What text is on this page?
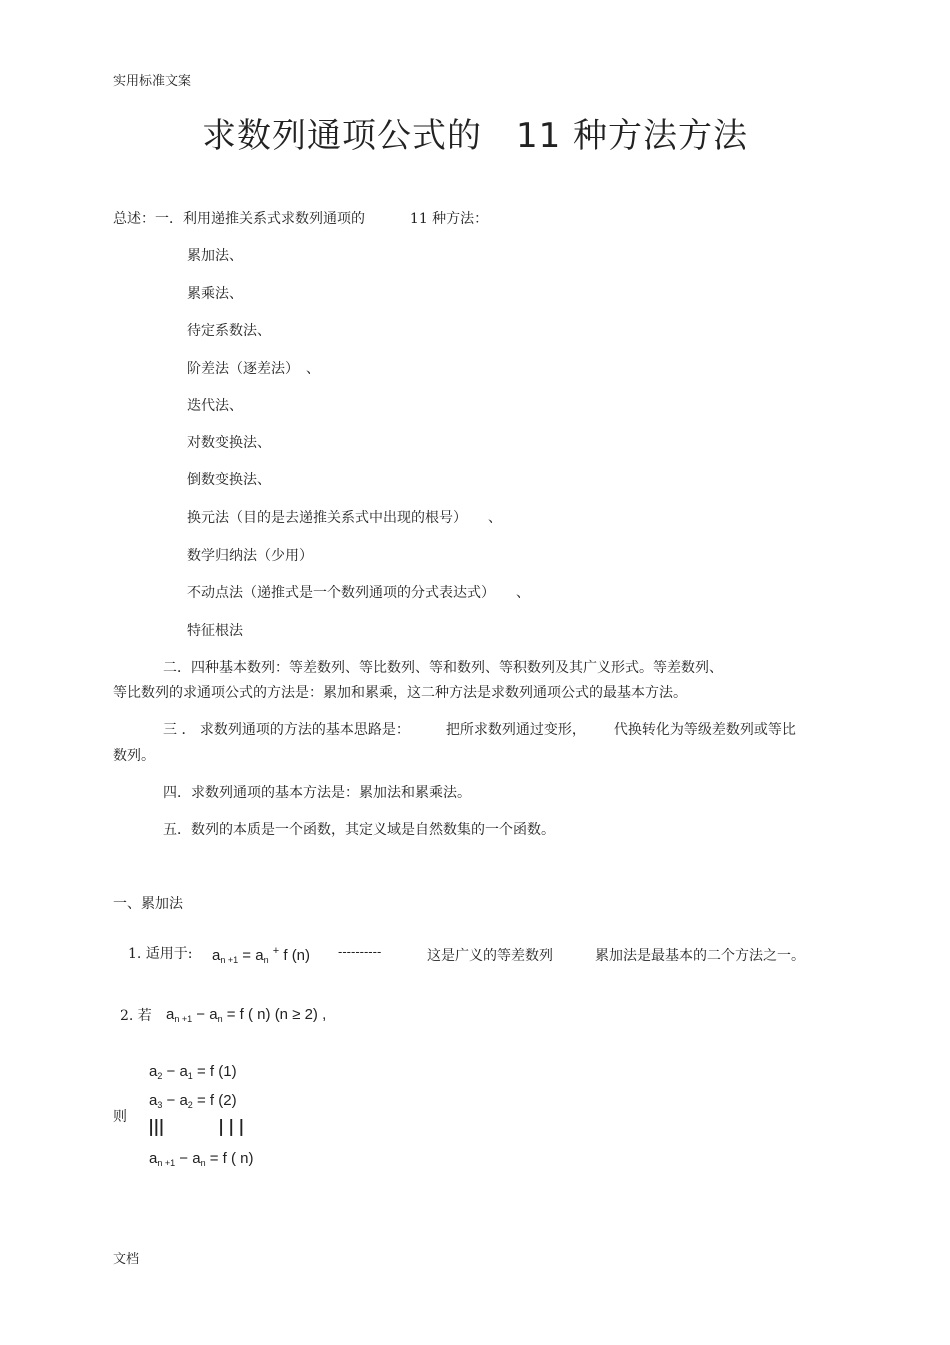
实用标准文案
求数列通项公式的 11 种方法方法
总述：一．利用递推关系式求数列通项的	11 种方法：
累加法、
累乘法、
待定系数法、
阶差法（逐差法）　、
迭代法、
对数变换法、
倒数变换法、
换元法（目的是去递推关系式中出现的根号）　　、
数学归纳法（少用）
不动点法（递推式是一个数列通项的分式表达式）　　、
特征根法
二．四种基本数列：等差数列、等比数列、等和数列、等积数列及其广义形式。等差数列、
等比数列的求通项公式的方法是：累加和累乘，这二种方法是求数列通项公式的最基本方法。
三 ． 求数列通项的方法的基本思路是：	把所求数列通过变形， 代换转化为等级差数列或等比
数列。
四．求数列通项的基本方法是：累加法和累乘法。
五．数列的本质是一个函数，其定义域是自然数集的一个函数。
一、累加法
1. 适用于: $a_{n +1} = a_n$ + f (n) ----------	这是广义的等差数列	累加法是最基本的二个方法之一。
2. 若 $a_{n +1} - a_n = f$ ( n) (n ≥ 2) ,
则
$a_2 - a_1 = f$ (1)
$a_3 - a_2 = f$ (2)
|||	| | |
$a_{n +1} - a_n = f$ ( n)
文档
